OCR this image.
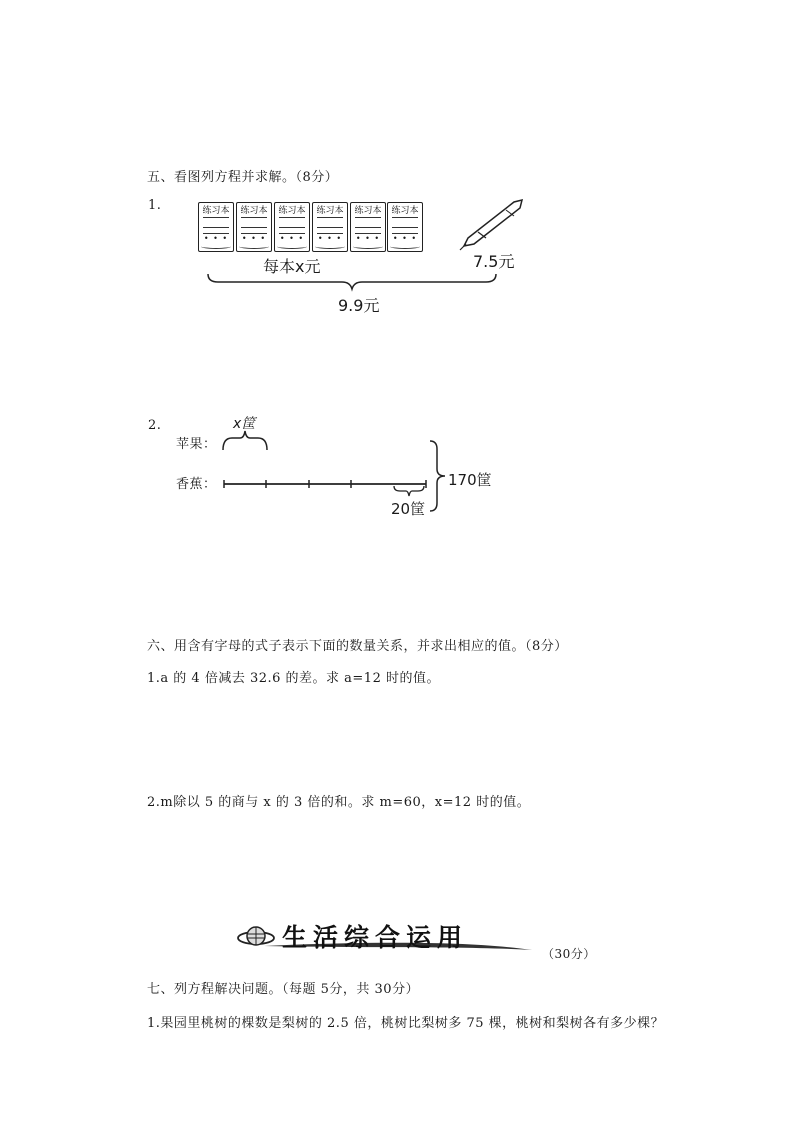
五、看图列方程并求解。（8分）
1.	练习本
• • •
练习本
• • •
练习本
• • •
练习本
• • •
练习本
• • •
练习本
• • •
每本x元	7.5元
9.9元
2.	x筐
苹果：
香蕉：
20筐
170筐
六、用含有字母的式子表示下面的数量关系，并求出相应的值。（8分）
1.a 的 4 倍减去 32.6 的差。求 a=12 时的值。
2.m除以 5 的商与 x 的 3 倍的和。求 m=60，x=12 时的值。
生活综合运用
（30分）
七、列方程解决问题。（每题 5分，共 30分）
1.果园里桃树的棵数是梨树的 2.5 倍，桃树比梨树多 75 棵，桃树和梨树各有多少棵？
